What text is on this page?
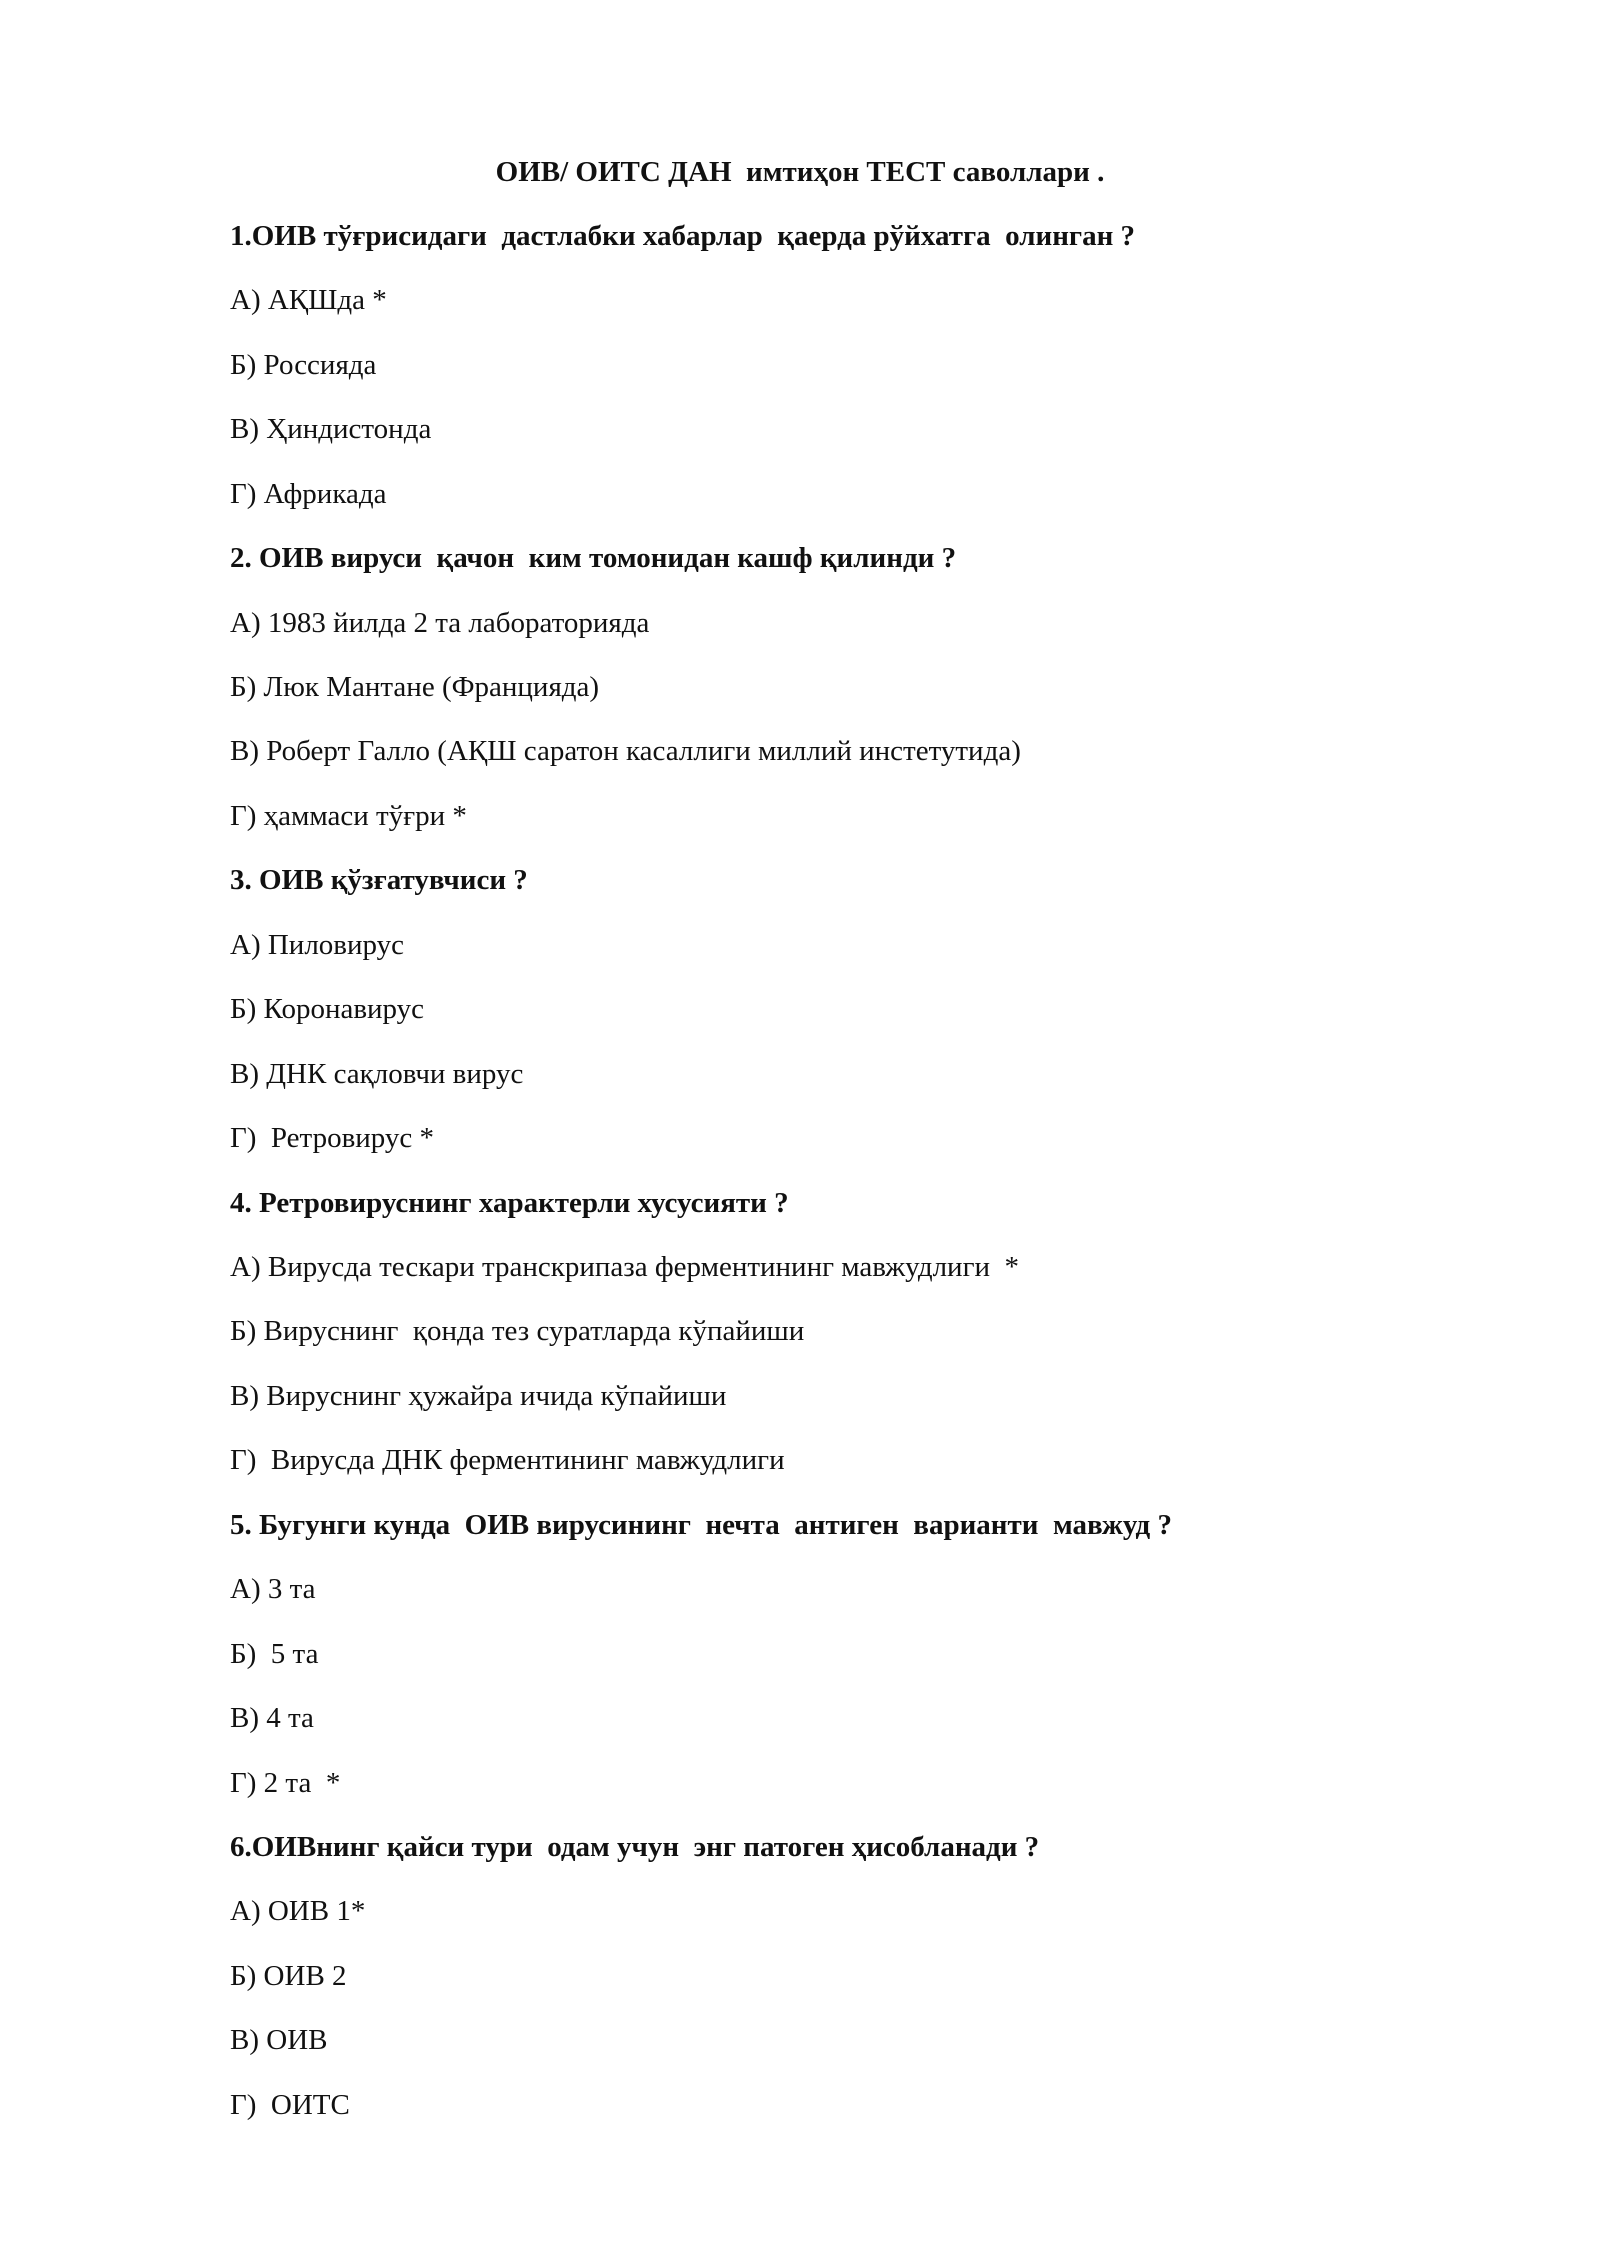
ОИВ/ ОИТС ДАН  имтиҳон ТЕСТ саволлари .
1.ОИВ тўғрисидаги  дастлабки хабарлар  қаерда рўйхатга  олинган ?
А) АҚШда *
Б) Россияда
В) Ҳиндистонда
Г) Африкада
2. ОИВ вируси  қачон  ким томонидан кашф қилинди ?
А) 1983 йилда 2 та лабораторияда
Б) Люк Мантане (Францияда)
В) Роберт Галло (АҚШ саратон касаллиги миллий инстетутида)
Г) ҳаммаси тўғри *
3. ОИВ қўзғатувчиси ?
А) Пиловирус
Б) Коронавирус
В) ДНК сақловчи вирус
Г)  Ретровирус *
4. Ретровируснинг характерли хусусияти ?
А) Вирусда тескари транскрипаза ферментининг мавжудлиги  *
Б) Вируснинг  қонда тез суратларда кўпайиши
В) Вируснинг ҳужайра ичида кўпайиши
Г)  Вирусда ДНК ферментининг мавжудлиги
5. Бугунги кунда  ОИВ вирусининг  нечта  антиген  варианти  мавжуд ?
А) 3 та
Б)  5 та
В) 4 та
Г) 2 та  *
6.ОИВнинг қайси тури  одам учун  энг патоген ҳисобланади ?
А) ОИВ 1*
Б) ОИВ 2
В) ОИВ
Г)  ОИТС
